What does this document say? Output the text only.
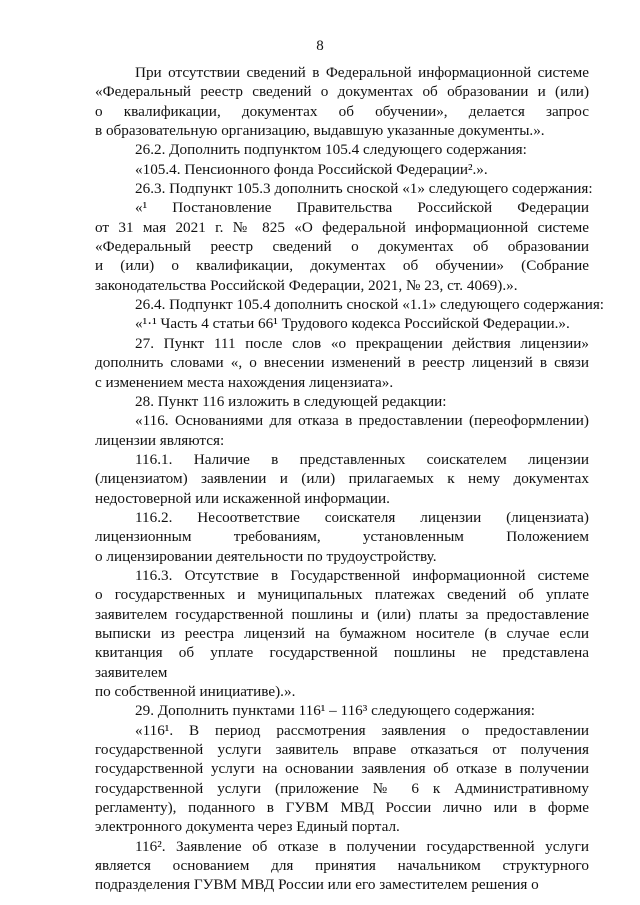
8
При отсутствии сведений в Федеральной информационной системе
«Федеральный реестр сведений о документах об образовании и (или)
о квалификации, документах об обучении», делается запрос
в образовательную организацию, выдавшую указанные документы.».
26.2. Дополнить подпунктом 105.4 следующего содержания:
«105.4. Пенсионного фонда Российской Федерации².».
26.3. Подпункт 105.3 дополнить сноской «1» следующего содержания:
«¹ Постановление Правительства Российской Федерации
от 31 мая 2021 г. № 825 «О федеральной информационной системе
«Федеральный реестр сведений о документах об образовании
и (или) о квалификации, документах об обучении» (Собрание
законодательства Российской Федерации, 2021, № 23, ст. 4069).».
26.4. Подпункт 105.4 дополнить сноской «1.1» следующего содержания:
«¹·¹ Часть 4 статьи 66¹ Трудового кодекса Российской Федерации.».
27. Пункт 111 после слов «о прекращении действия лицензии»
дополнить словами «, о внесении изменений в реестр лицензий в связи
с изменением места нахождения лицензиата».
28. Пункт 116 изложить в следующей редакции:
«116. Основаниями для отказа в предоставлении (переоформлении)
лицензии являются:
116.1. Наличие в представленных соискателем лицензии
(лицензиатом) заявлении и (или) прилагаемых к нему документах
недостоверной или искаженной информации.
116.2. Несоответствие соискателя лицензии (лицензиата)
лицензионным требованиям, установленным Положением
о лицензировании деятельности по трудоустройству.
116.3. Отсутствие в Государственной информационной системе
о государственных и муниципальных платежах сведений об уплате
заявителем государственной пошлины и (или) платы за предоставление
выписки из реестра лицензий на бумажном носителе (в случае если
квитанция об уплате государственной пошлины не представлена заявителем
по собственной инициативе).».
29. Дополнить пунктами 116¹ – 116³ следующего содержания:
«116¹. В период рассмотрения заявления о предоставлении
государственной услуги заявитель вправе отказаться от получения
государственной услуги на основании заявления об отказе в получении
государственной услуги (приложение № 6 к Административному
регламенту), поданного в ГУВМ МВД России лично или в форме
электронного документа через Единый портал.
116². Заявление об отказе в получении государственной услуги
является основанием для принятия начальником структурного
подразделения ГУВМ МВД России или его заместителем решения о
